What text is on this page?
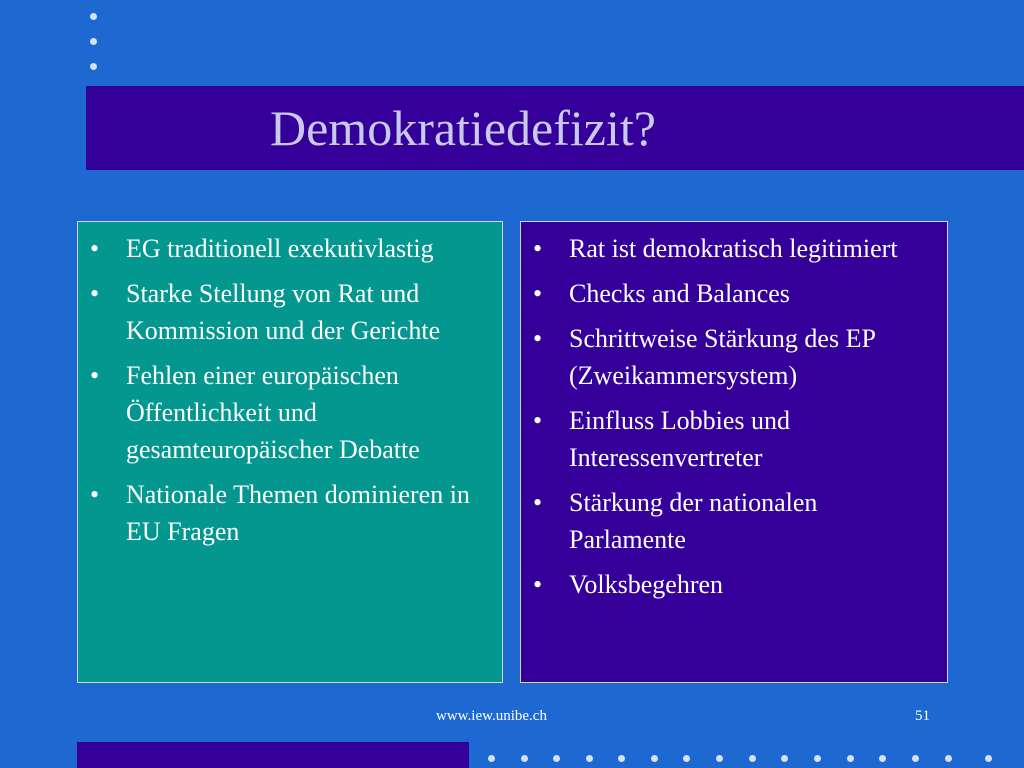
Demokratiedefizit?
• EG traditionell exekutivlastig
• Starke Stellung von Rat und Kommission und der Gerichte
• Fehlen einer europäischen Öffentlichkeit und gesamteuropäischer Debatte
• Nationale Themen dominieren in EU Fragen
• Rat ist demokratisch legitimiert
• Checks and Balances
• Schrittweise Stärkung des EP (Zweikammersystem)
• Einfluss Lobbies und Interessenvertreter
• Stärkung der nationalen Parlamente
• Volksbegehren
www.iew.unibe.ch	51
